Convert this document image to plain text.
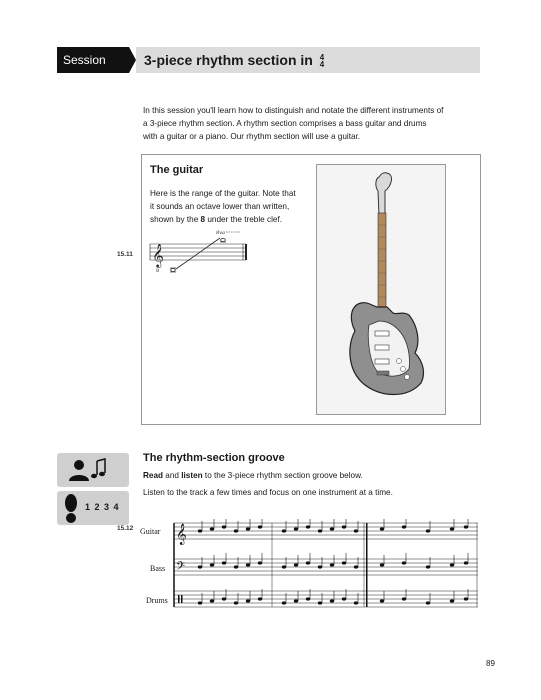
Session 15b
3-piece rhythm section in 4
4
In this session you'll learn how to distinguish and notate the different instruments of
a 3-piece rhythm section. A rhythm section comprises a bass guitar and drums
with a guitar or a piano. Our rhythm section will use a guitar.
The guitar
Here is the range of the guitar. Note that
it sounds an octave lower than written,
shown by the 8 under the treble clef.
15.11 𝄞
8
8va
1 2 3 4
The rhythm-section groove
Read and listen to the 3-piece rhythm section groove below.
Listen to the track a few times and focus on one instrument at a time.
15.12 Guitar
Bass
Drums
𝄞
𝄢
89
